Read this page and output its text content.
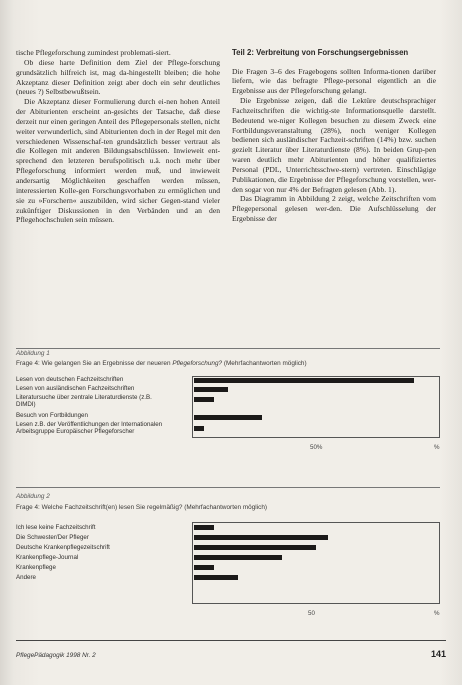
tische Pflegeforschung zumindest problemati-siert.

Ob diese harte Definition dem Ziel der Pflege-forschung grundsätzlich hilfreich ist, mag da-hingestellt bleiben; die hohe Akzeptanz dieser Definition zeigt aber doch ein sehr deutliches (neues ?) Selbstbewußtsein.

Die Akzeptanz dieser Formulierung durch ei-nen hohen Anteil der Abiturienten erscheint an-gesichts der Tatsache, daß diese derzeit nur einen geringen Anteil des Pflegepersonals stellen, nicht weiter verwunderlich, sind Abiturienten doch in der Regel mit den verschiedenen Wissenschaf-ten grundsätzlich besser vertraut als die Kollegen mit anderen Bildungsabschlüssen. Inwieweit ent-sprechend den letzteren berufspolitisch u.ä. noch mehr über Pflegeforschung informiert werden muß, und inwieweit andersartig Möglichkeiten geschaffen werden müssen, interessierten Kolle-gen Forschungsvorhaben zu ermöglichen und sie zu »Forschern« auszubilden, wird sicher Gegen-stand vieler zukünftiger Diskussionen in den Verbänden und an den Pflegehochschulen sein müssen.

Teil 2: Verbreitung von Forschungsergebnissen

Die Fragen 3–6 des Fragebogens sollten Informa-tionen darüber liefern, wie das befragte Pflege-personal eigentlich an die Ergebnisse aus der Pflegeforschung gelangt.

Die Ergebnisse zeigen, daß die Lektüre deutschsprachiger Fachzeitschriften die wichtig-ste Informationsquelle darstellt. Bedeutend we-niger Kollegen besuchen zu diesem Zweck eine Fortbildungsveranstaltung (28%), noch weniger Kollegen bedienen sich ausländischer Fachzeit-schriften (14%) bzw. suchen gezielt Literatur über Literaturdienste (8%). In beiden Grup-pen waren deutlich mehr Abiturienten und höher qualifiziertes Personal (PDL, Unterrichtsschwe-stern) vertreten. Einschlägige Publikationen, die Ergebnisse der Pflegeforschung vorstellen, wer-den sogar von nur 4% der Befragten gelesen (Abb. 1).

Das Diagramm in Abbildung 2 zeigt, welche Zeitschriften vom Pflegepersonal gelesen wer-den. Die Aufschlüsselung der Ergebnisse der

Abbildung 1
Frage 4: Wie gelangen Sie an Ergebnisse der neueren Pflegeforschung? (Mehrfachantworten möglich)
Lesen von deutschen Fachzeitschriften
Lesen von ausländischen Fachzeitschriften
Literatursuche über zentrale Literaturdienste (z.B. DIMDI)
Besuch von Fortbildungen
Lesen z.B. der Veröffentlichungen der Internationalen Arbeitsgruppe Europäischer Pflegeforscher
50%	%
Abbildung 2
Frage 4: Welche Fachzeitschrift(en) lesen Sie regelmäßig? (Mehrfachantworten möglich)
Ich lese keine Fachzeitschrift
Die Schwester/Der Pfleger
Deutsche Krankenpflegezeitschrift
Krankenpflege-Journal
Krankenpflege
Andere
50	%
PflegePädagogik 1998 Nr. 2	141
